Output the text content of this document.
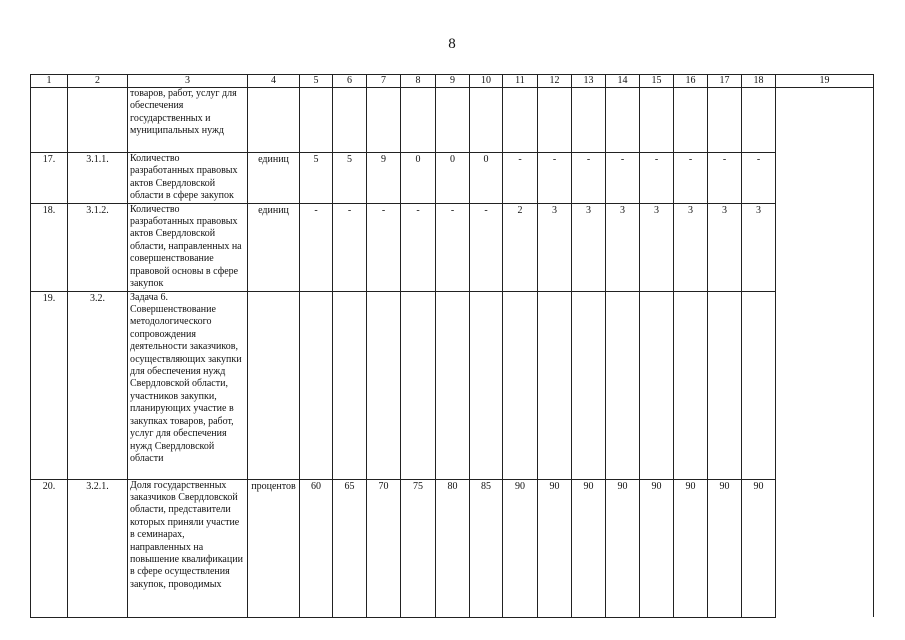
8
1	2	3	4	5	6	7	8	9	10	11	12	13	14	15	16	17	18	19
		товаров, работ, услуг для обеспечения государственных и муниципальных нужд																
17.	3.1.1.	Количество разработанных правовых актов Свердловской области в сфере закупок	единиц	5	5	9	0	0	0	-	-	-	-	-	-	-	-	
18.	3.1.2.	Количество разработанных правовых актов Свердловской области, направленных на совершенствование правовой основы в сфере закупок	единиц	-	-	-	-	-	-	2	3	3	3	3	3	3	3	
19.	3.2.	Задача 6. Совершенствование методологического сопровождения деятельности заказчиков, осуществляющих закупки для обеспечения нужд Свердловской области, участников закупки, планирующих участие в закупках товаров, работ, услуг для обеспечения нужд Свердловской области																
20.	3.2.1.	Доля государственных заказчиков Свердловской области, представители которых приняли участие в семинарах, направленных на повышение квалификации в сфере осуществления закупок, проводимых	процентов	60	65	70	75	80	85	90	90	90	90	90	90	90	90	
